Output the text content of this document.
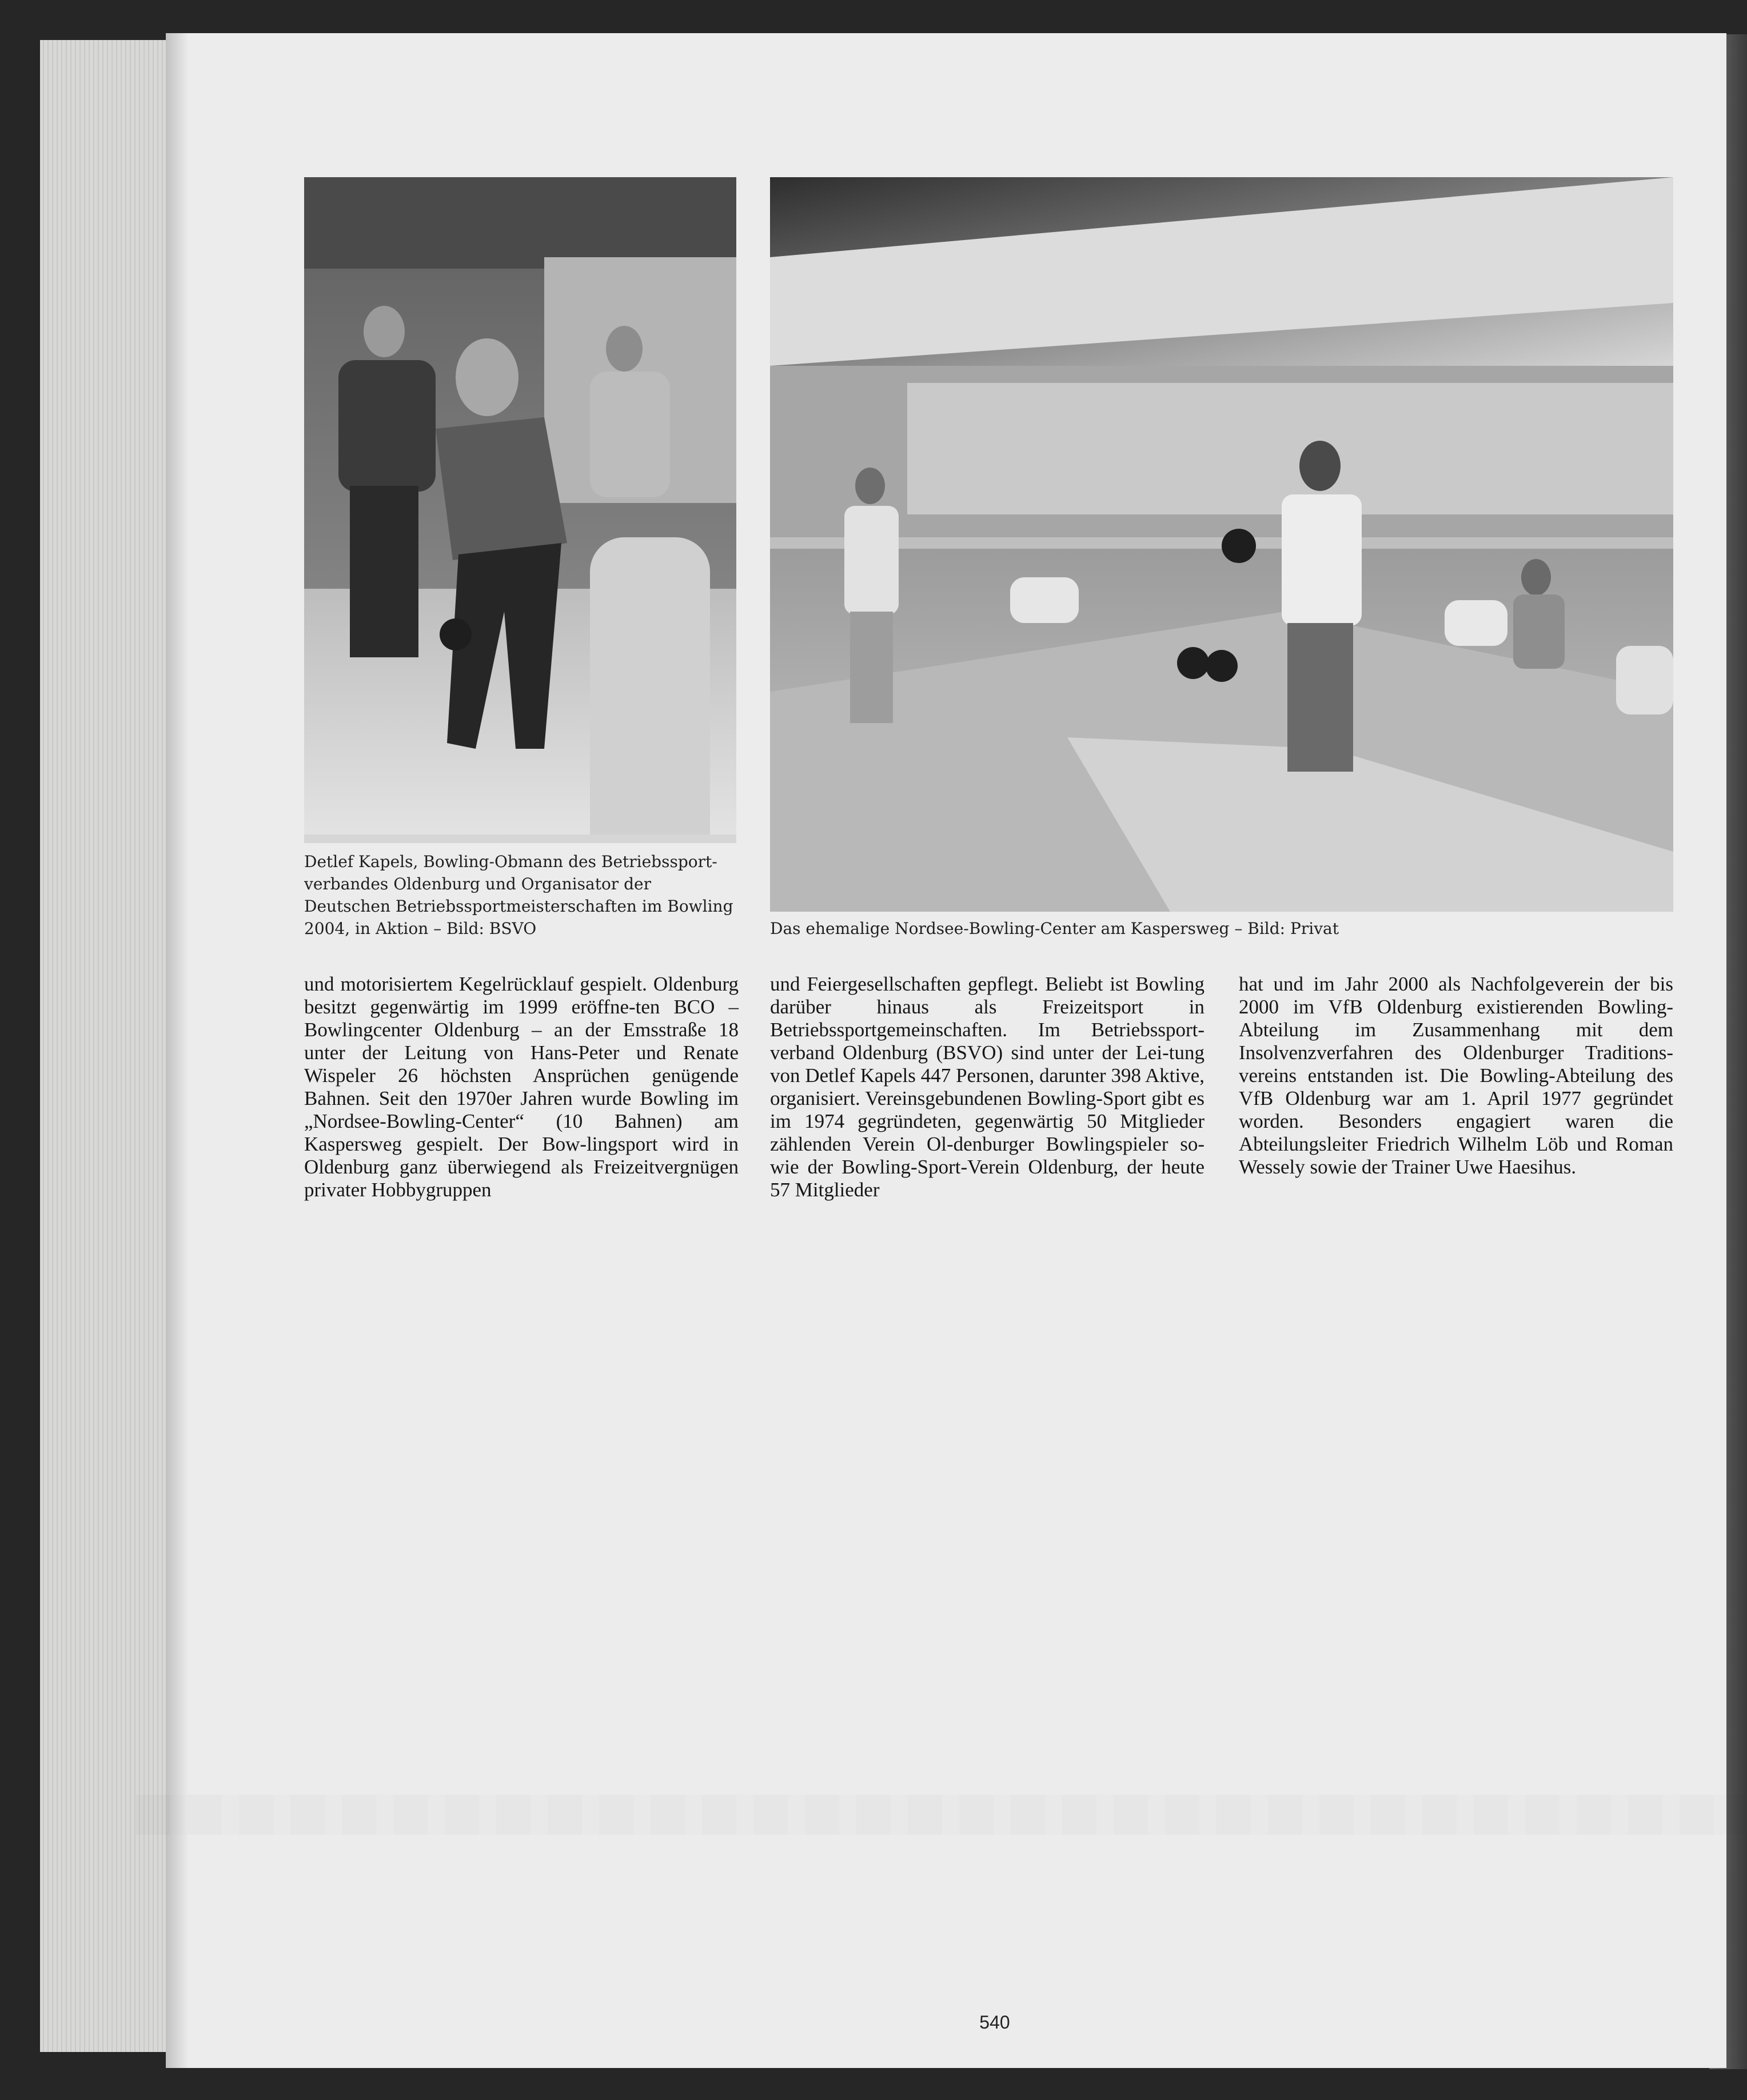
Detlef Kapels, Bowling-Obmann des Betriebssport-
verbandes Oldenburg und Organisator der
Deutschen Betriebssportmeisterschaften im Bowling
2004, in Aktion – Bild: BSVO	Das ehemalige Nordsee-Bowling-Center am Kaspersweg – Bild: Privat

und motorisiertem Kegelrücklauf gespielt. Oldenburg besitzt gegenwärtig im 1999 eröffne-ten BCO – Bowlingcenter Oldenburg – an der Emsstraße 18 unter der Leitung von Hans-Peter und Renate Wispeler 26 höchsten Ansprüchen genügende Bahnen. Seit den 1970er Jahren wurde Bowling im „Nordsee-Bowling-Center“ (10 Bahnen) am Kaspersweg gespielt. Der Bow-lingsport wird in Oldenburg ganz überwiegend als Freizeitvergnügen privater Hobbygruppen

und Feiergesellschaften gepflegt. Beliebt ist Bowling darüber hinaus als Freizeitsport in Betriebssportgemeinschaften. Im Betriebssport-verband Oldenburg (BSVO) sind unter der Lei-tung von Detlef Kapels 447 Personen, darunter 398 Aktive, organisiert. Vereinsgebundenen Bowling-Sport gibt es im 1974 gegründeten, gegenwärtig 50 Mitglieder zählenden Verein Ol-denburger Bowlingspieler so-wie der Bowling-Sport-Verein Oldenburg, der heute 57 Mitglieder

hat und im Jahr 2000 als Nachfolgeverein der bis 2000 im VfB Oldenburg existierenden Bowling-Abteilung im Zusammenhang mit dem Insolvenzverfahren des Oldenburger Traditions-vereins entstanden ist. Die Bowling-Abteilung des VfB Oldenburg war am 1. April 1977 gegründet worden. Besonders engagiert waren die Abteilungsleiter Friedrich Wilhelm Löb und Roman Wessely sowie der Trainer Uwe Haesihus.

540
